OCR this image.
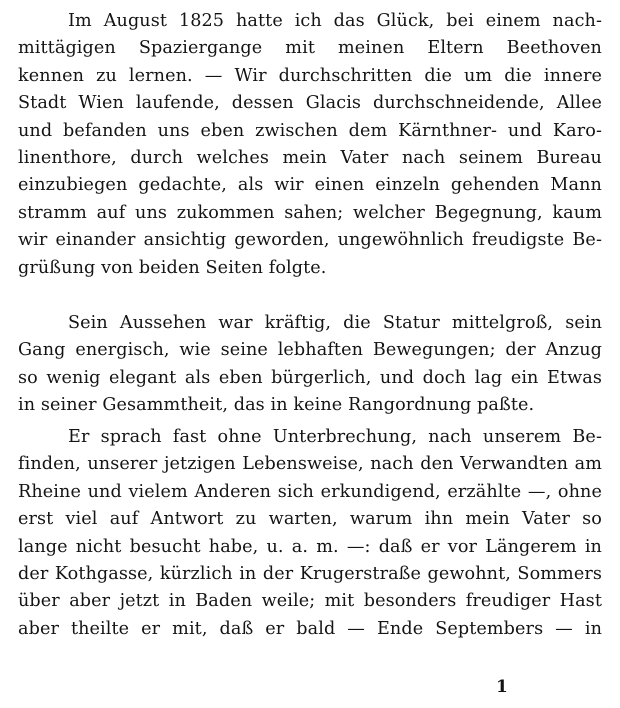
Im August 1825 hatte ich das Glück, bei einem nach-
mittägigen Spaziergange mit meinen Eltern Beethoven
kennen zu lernen. — Wir durchschritten die um die innere
Stadt Wien laufende, dessen Glacis durchschneidende, Allee
und befanden uns eben zwischen dem Kärnthner- und Karo-
linenthore, durch welches mein Vater nach seinem Bureau
einzubiegen gedachte, als wir einen einzeln gehenden Mann
stramm auf uns zukommen sahen; welcher Begegnung, kaum
wir einander ansichtig geworden, ungewöhnlich freudigste Be-
grüßung von beiden Seiten folgte.
Sein Aussehen war kräftig, die Statur mittelgroß, sein
Gang energisch, wie seine lebhaften Bewegungen; der Anzug
so wenig elegant als eben bürgerlich, und doch lag ein Etwas
in seiner Gesammtheit, das in keine Rangordnung paßte.
Er sprach fast ohne Unterbrechung, nach unserem Be-
finden, unserer jetzigen Lebensweise, nach den Verwandten am
Rheine und vielem Anderen sich erkundigend, erzählte —, ohne
erst viel auf Antwort zu warten, warum ihn mein Vater so
lange nicht besucht habe, u. a. m. —: daß er vor Längerem in
der Kothgasse, kürzlich in der Krugerstraße gewohnt, Sommers
über aber jetzt in Baden weile; mit besonders freudiger Hast
aber theilte er mit, daß er bald — Ende Septembers — in
1
